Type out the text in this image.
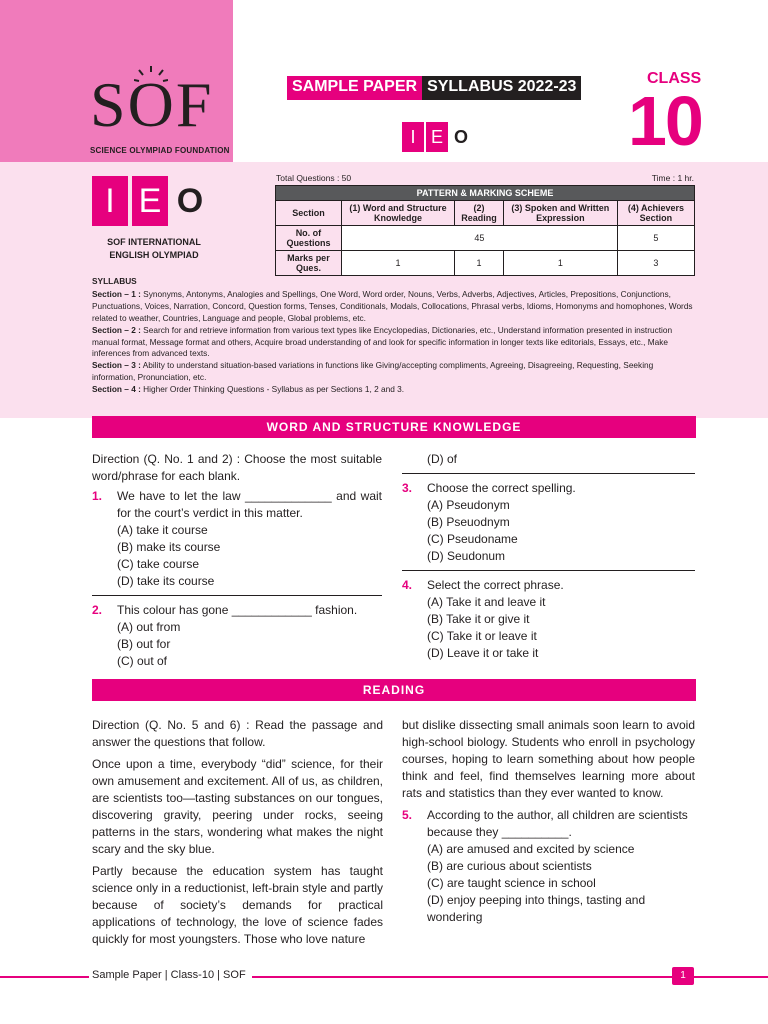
SOF
SCIENCE OLYMPIAD FOUNDATION
SAMPLE PAPER SYLLABUS 2022-23
I E O
CLASS
10
I E O
SOF INTERNATIONAL ENGLISH OLYMPIAD
Total Questions : 50	Time : 1 hr.
PATTERN & MARKING SCHEME				
Section	(1) Word and Structure Knowledge	(2) Reading	(3) Spoken and Written Expression	(4) Achievers Section
No. of Questions	45			5
Marks per Ques.	1	1	1	3
SYLLABUS

Section – 1 : Synonyms, Antonyms, Analogies and Spellings, One Word, Word order, Nouns, Verbs, Adverbs, Adjectives, Articles, Prepositions, Conjunctions, Punctuations, Voices, Narration, Concord, Question forms, Tenses, Conditionals, Modals, Collocations, Phrasal verbs, Idioms, Homonyms and homophones, Words related to weather, Countries, Language and people, Global problems, etc.

Section – 2 : Search for and retrieve information from various text types like Encyclopedias, Dictionaries, etc., Understand information presented in instruction manual format, Message format and others, Acquire broad understanding of and look for specific information in longer texts like editorials, Essays, etc., Make inferences from advanced texts.

Section – 3 : Ability to understand situation-based variations in functions like Giving/accepting compliments, Agreeing, Disagreeing, Requesting, Seeking information, Pronunciation, etc.

Section – 4 : Higher Order Thinking Questions - Syllabus as per Sections 1, 2 and 3.

WORD AND STRUCTURE KNOWLEDGE

Direction (Q. No. 1 and 2) : Choose the most suitable word/phrase for each blank.

1.	We have to let the law _____________ and wait for the court’s verdict in this matter.

(A) take it course

(B) make its course

(C) take course

(D) take its course

2.	This colour has gone ____________ fashion.

(A) out from

(B) out for

(C) out of

(D) of

3.	Choose the correct spelling.

(A) Pseudonym

(B) Pseuodnym

(C) Pseudoname

(D) Seudonum

4.	Select the correct phrase.

(A) Take it and leave it

(B) Take it or give it

(C) Take it or leave it

(D) Leave it or take it

READING

Direction (Q. No. 5 and 6) : Read the passage and answer the questions that follow.

Once upon a time, everybody “did” science, for their own amusement and excitement. All of us, as children, are scientists too—tasting substances on our tongues, discovering gravity, peering under rocks, seeing patterns in the stars, wondering what makes the night scary and the sky blue.

Partly because the education system has taught science only in a reductionist, left-brain style and partly because of society’s demands for practical applications of technology, the love of science fades quickly for most youngsters. Those who love nature

but dislike dissecting small animals soon learn to avoid high-school biology. Students who enroll in psychology courses, hoping to learn something about how people think and feel, find themselves learning more about rats and statistics than they ever wanted to know.

5.	According to the author, all children are scientists because they __________.

(A) are amused and excited by science

(B) are curious about scientists

(C) are taught science in school

(D) enjoy peeping into things, tasting and wondering

Sample Paper | Class-10 | SOF	1
